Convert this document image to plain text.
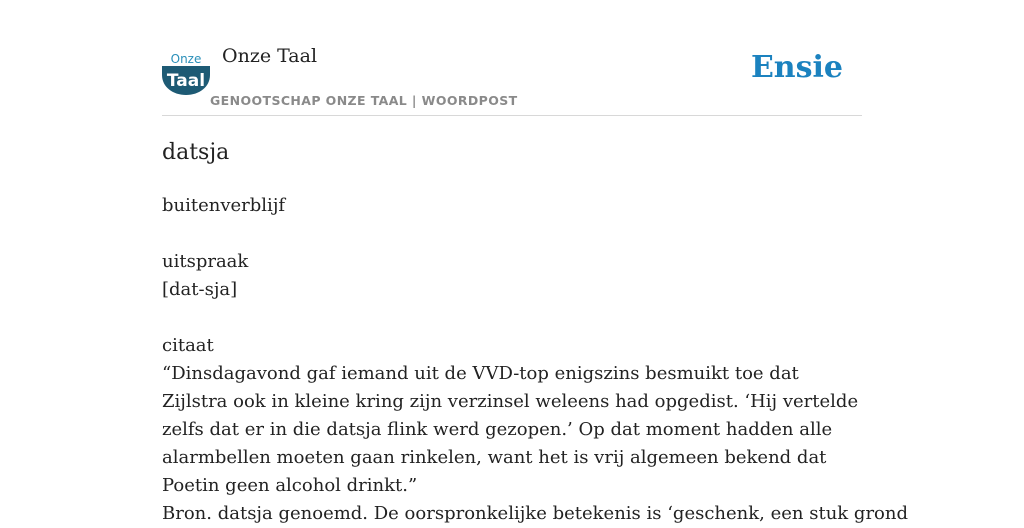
Onze
Taal
Onze Taal
GENOOTSCHAP ONZE TAAL | WOORDPOST
Ensie
datsja

buitenverblijf

uitspraak

[dat-sja]

citaat

“Dinsdagavond gaf iemand uit de VVD-top enigszins besmuikt toe dat Zijlstra ook in kleine kring zijn verzinsel weleens had opgedist. ‘Hij vertelde zelfs dat er in die datsja flink werd gezopen.’ Op dat moment hadden alle alarmbellen moeten gaan rinkelen, want het is vrij algemeen bekend dat Poetin geen alcohol drinkt.”

Bron. datsja genoemd. De oorspronkelijke betekenis is ‘geschenk, een stuk grond
